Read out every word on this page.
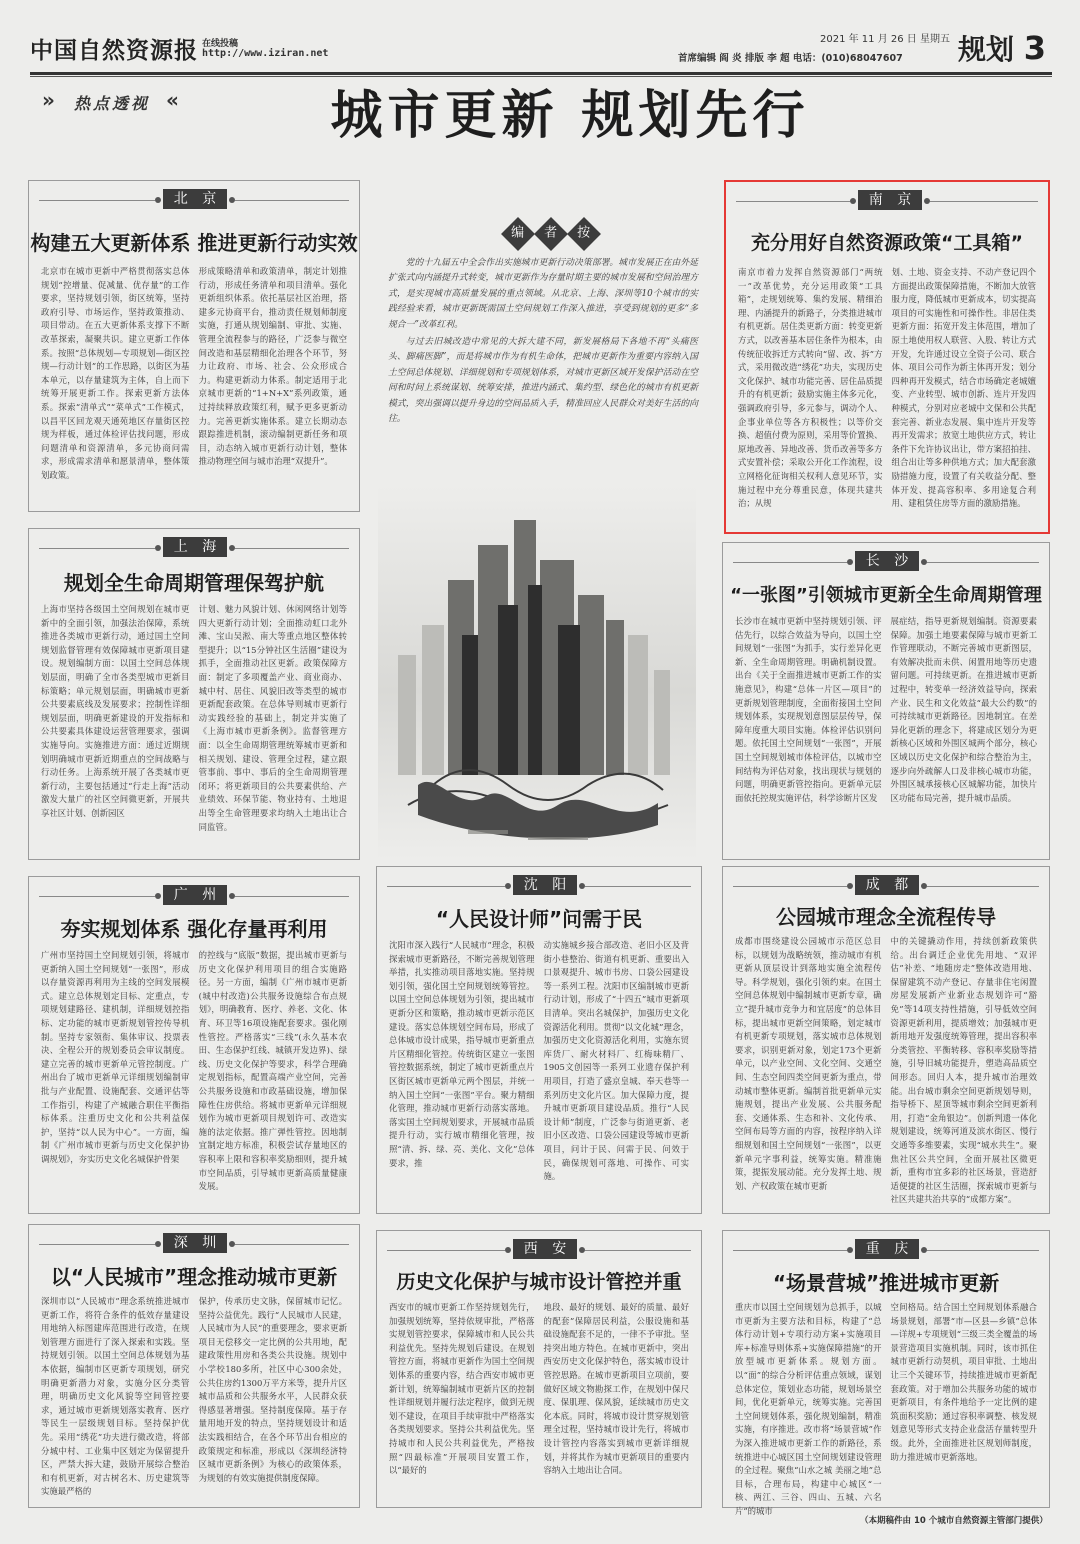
中国自然资源报 在线投稿
http://www.iziran.net
2021 年 11 月 26 日 星期五
首席编辑 阎 炎 排版 李 超 电话：(010)68047607 规划 3
» 热点透视 «	城市更新 规划先行
编	者	按

党的十九届五中全会作出实施城市更新行动决策部署。城市发展正在由外延扩张式向内涵提升式转变，城市更新作为存量时期主要的城市发展和空间治理方式，是实现城市高质量发展的重点领域。从北京、上海、深圳等10个城市的实践经验来看，城市更新既需国土空间规划工作深入推进，享受到规划的更多“多规合一”改革红利。

与过去旧城改造中常见的大拆大建不同，新发展格局下各地不再“头痛医头、脚痛医脚”，而是将城市作为有机生命体，把城市更新作为重要内容纳入国土空间总体规划、详细规划和专项规划体系，对城市更新区域开发保护活动在空间和时间上系统谋划、统筹安排，推进内涵式、集约型、绿色化的城市有机更新模式，突出强调以提升身边的空间品质入手，精准回应人民群众对美好生活的向往。

北 京
构建五大更新体系 推进更新行动实效
北京市在城市更新中严格贯彻落实总体规划“控增量、促减量、优存量”的工作要求，坚持规划引领，街区统筹，坚持政府引导、市场运作，坚持政策推动、项目带动。在五大更新体系支撑下不断改革探索，凝聚共识。建立更新工作体系。按照“总体规划—专项规划—街区控规—行动计划”的工作思路，以街区为基本单元，以存量建筑为主体，自上而下统筹开展更新工作。探索更新方法体系。探索“清单式”“菜单式”工作模式，以昌平区回龙观天通苑地区存量街区控规为样板，通过体检评估找问题，形成问题清单和资源清单，多元协商问需求，形成需求清单和愿景清单，整体策划政策。
形成策略清单和政策清单，制定计划推行动，形成任务清单和项目清单。强化更新组织体系。依托基层社区治理，搭建多元协商平台，推动责任规划师制度实施，打通从规划编制、审批、实施、管理全流程参与的路径，广泛参与微空间改造和基层精细化治理各个环节，努力让政府、市场、社会、公众形成合力。构建更新动力体系。制定适用于北京城市更新的“1+N+X”系列政策，通过持续释放政策红利，赋予更多更新动力。完善更新实施体系。建立长期动态跟踪推进机制，滚动编制更新任务和项目，动态纳入城市更新行动计划，整体推动物理空间与城市治理“双提升”。
南 京
充分用好自然资源政策“工具箱”
南京市着力发挥自然资源部门“两统一”改革优势，充分运用政策“工具箱”，走规划统筹、集约发展、精细治理、内涵提升的新路子，分类推进城市有机更新。居住类更新方面：转变更新方式，以改善基本居住条件为根本，由传统征收拆迁方式转向“留、改、拆”方式，采用微改造“绣花”功夫，实现历史文化保护、城市功能完善、居住品质提升的有机更新；鼓励实施主体多元化，强调政府引导，多元参与，调动个人、企事业单位等各方积极性；以等价交换、超值付费为原则，采用等价置换、原地改善、异地改善、货币改善等多方式安置补偿；采取公开化工作流程，设立网格化征询相关权利人意见环节，实施过程中充分尊重民意，体现共建共治；从规
划、土地、资金支持、不动产登记四个方面提出政策保障措施，不断加大放管服力度，降低城市更新成本，切实提高项目的可实施性和可操作性。非居住类更新方面：拓宽开发主体范围，增加了原土地使用权人联营、入股、转让方式开发，允许通过设立全资子公司、联合体、项目公司作为新主体再开发；划分四种再开发模式，结合市场确定老城嬗变、产业转型、城市创新、连片开发四种模式，分别对应老城中文保和公共配套完善、新业态发展、集中连片开发等再开发需求；放宽土地供应方式，转让条件下允许协议出让，带方案招拍挂、组合出让等多种供地方式；加大配套激励措施力度，设置了有关收益分配、整体开发、提高容积率、多用途复合利用、建租赁住房等方面的激励措施。
上 海
规划全生命周期管理保驾护航
上海市坚持各级国土空间规划在城市更新中的全面引领，加强法治保障，系统推进各类城市更新行动，通过国土空间规划监督管理有效保障城市更新项目建设。规划编制方面：以国土空间总体规划层面，明确了全市各类型城市更新目标策略；单元规划层面，明确城市更新公共要素底线及发展要求；控制性详细规划层面，明确更新建设的开发指标和公共要素具体建设运营管理要求，强调实施导向。实施推进方面：通过近期规划明确城市更新近期重点的空间战略与行动任务。上海系统开展了各类城市更新行动，主要包括通过“行走上海”活动激发大量广的社区空间微更新，开展共享社区计划、创新园区
计划、魅力风貌计划、休闲网络计划等四大更新行动计划；全面推动虹口北外滩、宝山吴淞、南大等重点地区整体转型提升；以“15分钟社区生活圈”建设为抓手，全面推动社区更新。政策保障方面：制定了多项覆盖产业、商业商办、城中村、居住、风貌旧改等类型的城市更新配套政策。在总体导则城市更新行动实践经验的基础上，制定并实施了《上海市城市更新条例》。监督管理方面：以全生命周期管理统筹城市更新和相关规划、建设、管理全过程，建立跟管事前、事中、事后的全生命周期管理闭环；将更新项目的公共要素供给、产业绩效、环保节能、物业持有、土地退出等全生命管理要求均纳入土地出让合同监管。
长 沙
“一张图”引领城市更新全生命周期管理
长沙市在城市更新中坚持规划引领、评估先行，以综合效益为导向，以国土空间规划“一张图”为抓手，实行差异化更新、全生命周期管理。明确机制设置。出台《关于全面推进城市更新工作的实施意见》，构建“总体一片区—项目”的更新规划管理制度，全面衔接国土空间规划体系，实现规划意图层层传导，保障年度重大项目实施。体检评估识别问题。依托国土空间规划“一张图”，开展国土空间规划城市体检评估，以城市空间结构为评估对象，找出现状与规划的问题，明确更新管控指向。更新单元层面依托控规实施评估，科学诊断片区发
展症结，指导更新规划编制。资源要素保障。加强土地要素保障与城市更新工作管理联动，不断完善城市更新图层，有效解决批而未供、闲置用地等历史遗留问题。可持续更新。在推进城市更新过程中，转变单一经济效益导向，探索产业、民生和文化效益“最大公约数”的可持续城市更新路径。因地制宜。在差异化更新的理念下，将建成区划分为更新核心区域和外围区城两个部分，核心区域以历史文化保护和综合整治为主，逐步向外疏解人口及非核心城市功能，外围区城承接核心区城解功能，加快片区功能布局完善，提升城市品质。
广 州
夯实规划体系 强化存量再利用
广州市坚持国土空间规划引领，将城市更新纳入国土空间规划“一张图”，形成以存量资源再利用为主线的空间发展模式。建立总体规划定目标、定重点，专项规划建路径、建机制，详细规划控指标、定功能的城市更新规划管控传导机制。坚持专家领衔、集体审议、投票表决、全程公开的规划委员会审议制度。建立完善的城市更新单元管控制度。广州出台了城市更新单元详细规划编制审批与产业配置、设施配套、交通评估等工作指引，构建了产城融合职住平衡指标体系。注重历史文化和公共利益保护，坚持“以人民为中心”。一方面，编制《广州市城市更新与历史文化保护协调规划》，夯实历史文化名城保护骨架
的控线与“底版”数据，提出城市更新与历史文化保护利用项目的组合实施路径。另一方面，编制《广州市城市更新(城中村改造)公共服务设施综合布点规划》，明确教育、医疗、养老、文化、体育、环卫等16项设施配套要求。强化刚性管控。严格落实“三线”(永久基本农田、生态保护红线、城镇开发边界)、绿线、历史文化保护等要求，科学合理确定规划指标，配置高端产业空间，完善公共服务设施和市政基础设施，增加保障性住房供给。将城市更新单元详细规划作为城市更新项目规划许可、改造实施的法定依据。推广弹性管控。因地制宜制定地方标准，积极尝试存量地区的容积率上限和容积率奖励细则，提升城市空间品质，引导城市更新高质量健康发展。
沈 阳
“人民设计师”问需于民
沈阳市深入践行“人民城市”理念，积极探索城市更新路径，不断完善规划管理举措，扎实推动项目落地实施。坚持规划引领，强化国土空间规划统筹管控。以国土空间总体规划为引领，提出城市更新分区和策略，推动城市更新示范区建设。落实总体规划空间布局，形成了总体城市设计成果，指导城市更新重点片区精细化管控。传统街区建立一张图管控数据系统，制定了城市更新重点片区街区城市更新单元两个图层，并统一纳入国土空间“一张图”平台。聚力精细化管理，推动城市更新行动落实落地。落实国土空间规划要求，开展城市品质提升行动，实行城市精细化管理，按照“清、拆、绿、亮、美化、文化”总体要求，推
动实施城乡接合部改造、老旧小区及背街小巷整治、街道有机更新、重要出入口景观提升、城市书房、口袋公园建设等一系列工程。沈阳市区编制城市更新行动计划，形成了“十四五”城市更新项目清单。突出名城保护，加强历史文化资源活化利用。贯彻“以文化城”理念，加强历史文化资源活化利用，实施东贸库货厂、耐火材料厂、红梅味精厂、1905文创园等一系列工业遗存保护利用项目，打造了盛京皇城、奉天巷等一系列历史文化片区。加大保障力度，提升城市更新项目建设品质。推行“人民设计师”制度，广泛参与街道更新、老旧小区改造、口袋公园建设等城市更新项目，问计于民、问需于民、问效于民，确保规划可落地、可操作、可实施。
成 都
公园城市理念全流程传导
成都市围绕建设公园城市示范区总目标，以规划为战略统领，推动城市有机更新从顶层设计到落地实施全流程传导。科学规划，强化引领约束。在国土空间总体规划中编制城市更新专章，确立“提升城市竞争力和宜居度”的总体目标，提出城市更新空间策略，划定城市有机更新专项规划，落实城市总体规划要求，识别更新对象，划定173个更新单元，以产业空间、文化空间、交通空间、生态空间四类空间更新为重点，带动城市整体更新。编制首批更新单元实施规划，提出产业发展、公共服务配套、交通体系、生态和补、文化传承、空间布局等方面的内容，按程序纳入详细规划和国土空间规划“一张图”，以更新单元字事利益，统筹实施。精准施策，提振发展动能。充分发挥土地、规划、产权政策在城市更新
中的关键撬动作用，持续创新政策供给。出台调迁企业优先用地、“双评估”补差、“地随房走”整体改造用地、保留建筑不动产登记、存量非住宅闲置房屋发展新产业新业态规划许可“豁免”等14项支持性措施，引导低效空间资源更新利用，提质增效；加强城市更新用地开发强度统筹管理，提出容积率分类管控、平衡转移、容积率奖励等措施，引导旧城功能提升，塑造高品质空间形态。回归人本，提升城市治理效能。出台城市剩余空间更新规划导则，指导桥下、屋顶等城市剩余空间更新利用，打造“金角银边”。创新判遗一体化规划建设，统筹河道及滨水街区、慢行交通等多维要素，实现“城水共生”。聚焦社区公共空间，全面开展社区微更新，重构市宜多彩的社区场景，营造舒适便捷的社区生活圈，探索城市更新与社区共建共治共享的“成都方案”。
深 圳
以“人民城市”理念推动城市更新
深圳市以“人民城市”理念系统推进城市更新工作，将符合条件的低效存量建设用地纳入标图建库范围进行改造，在规划管理方面进行了深入探索和实践。坚持规划引领。以国土空间总体规划为基本依据，编制市区更新专项规划，研究明确更新潜力对象，实施分区分类管理，明确历史文化风貌等空间管控要求，通过城市更新规划落实教育、医疗等民生一层级规划目标。坚持保护优先。采用“绣花”功夫进行微改造，将部分城中村、工业集中区划定为保留提升区，严禁大拆大建，鼓励开展综合整治和有机更新，对古树名木、历史建筑等实施最严格的
保护，传承历史文脉，保留城市记忆。坚持公益优先。践行“人民城市人民建，人民城市为人民”的重要理念，要求更新项目无偿移交一定比例的公共用地，配建政策性用房和各类公共设施。规划中小学校180多所，社区中心300余处，公共住房约1300万平方米等，提升片区城市品质和公共服务水平，人民群众获得感显著增强。坚持制度保障。基于存量用地开发的特点，坚持规划设计和适法实践相结合，在各个环节出台相应的政策规定和标准，形成以《深圳经济特区城市更新条例》为核心的政策体系，为规划的有效实施提供制度保障。
西 安
历史文化保护与城市设计管控并重
西安市的城市更新工作坚持规划先行，加强规划统筹，坚持依规审批，严格落实规划管控要求，保障城市和人民公共利益优先。坚持先规划后建设。在规划管控方面，将城市更新作为国土空间规划体系的重要内容，结合西安市城市更新计划，统筹编制城市更新片区的控制性详细规划并履行法定程序，做到无规划不建设，在项目手续审批中严格落实各类规划要求。坚持公共利益优先。坚持城市和人民公共利益优先，严格按照“四最标准”开展项目安置工作，以“最好的
地段、最好的规划、最好的质量、最好的配套”保障居民利益，公服设施和基础设施配套不足的，一律不予审批。坚持突出地方特色。在城市更新中，突出西安历史文化保护特色，落实城市设计管控思路。在城市更新项目立项前，要做好区域文物勘探工作，在规划中保尺度、保肌理、保风貌，延续城市历史文化本底。同时，将城市设计贯穿规划管理全过程，坚持城市设计先行，将城市设计管控内容落实到城市更新详细规划，并将其作为城市更新项目的重要内容纳入土地出让合同。
重 庆
“场景营城”推进城市更新
重庆市以国土空间规划为总抓手，以城市更新为主要方法和目标，构建了“总体行动计划+专项行动方案+实施项目库+标准导则体系+实施保障措施”的开放型城市更新体系。规划方面。以“面”的综合分析评估重点领域，谋划总体定位，策划业态功能，规划场景空间，优化更新单元，统筹实施。完善国土空间规划体系，强化规划编制，精准实施，有序推进。改市将“场景营城”作为深入推进城市更新工作的新路径，系统推进中心城区国土空间规划建设管理的全过程。聚焦“山水之城 美丽之地”总目标，合理布局，构建中心城区“一核、两江、三谷、四山、五城、六名片”的城市
空间格局。结合国土空间规划体系融合场景规划，部署“市—区县—乡镇”总体—详规+专项规划“三级三类全覆盖的场景营造项目实施机制。同时，该市抓住城市更新行动契机，项目审批、土地出让三个关键环节，持续推进城市更新配套政策。对于增加公共服务功能的城市更新项目，有条件地给予一定比例的建筑面积奖励；通过容积率调整、核发规划意见等形式支持企业盘活存量转型升级。此外，全面推进社区规划师制度，助力推进城市更新落地。
（本期稿件由 10 个城市自然资源主管部门提供）
